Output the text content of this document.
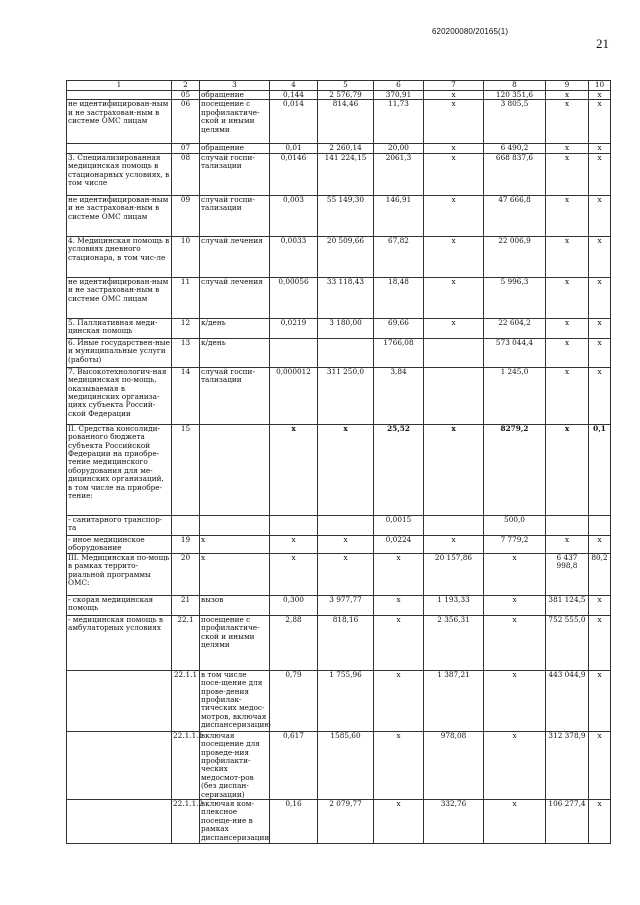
620200080/20165(1)
21
1	2	3	4	5	6	7	8	9	10
	05	обращение	0,144	2 576,79	370,91	x	120 351,6	x	x
не идентифицирован-ным и не застрахован-ным в системе ОМС лицам	06	посещение с профилактиче-ской и иными целями	0,014	814,46	11,73	x	3 805,5	x	x
	07	обращение	0,01	2 260,14	20,00	x	6 490,2	x	x
3. Специализированная медицинская помощь в стационарных условиях, в том числе	08	случай госпи-тализации	0,0146	141 224,15	2061,3	x	668 837,6	x	x
не идентифицирован-ным и не застрахован-ным в системе ОМС лицам	09	случай госпи-тализации	0,003	55 149,30	146,91	x	47 666,8	x	x
4. Медицинская помощь в условиях дневного стационара, в том чис-ле	10	случай лечения	0,0033	20 509,66	67,82	x	22 006,9	x	x
не идентифицирован-ным и не застрахован-ным в системе ОМС лицам	11	случай лечения	0,00056	33 118,43	18,48	x	5 996,3	x	x
5. Паллиативная меди-цинская помощь	12	к/день	0,0219	3 180,00	69,66	x	22 604,2	x	x
6. Иные государствен-ные и муниципальные услуги (работы)	13	к/день			1766,08		573 044,4	x	x
7. Высокотехнологич-ная медицинская по-мощь, оказываемая в медицинских организа-циях субъекта Россий-ской Федерации	14	случай госпи-тализации	0,000012	311 250,0	3,84		1 245,0	x	x
II. Средства консолиди-рованного бюджета субъекта Российской Федерации на приобре-тение медицинского оборудования для ме-дицинских организаций, в том числе на приобре-тение:	15		x	x	25,52	x	8279,2	x	0,1
- санитарного транспор-та					0,0015		500,0		
- иное медицинское оборудование	19	x	x	x	0,0224	x	7 779,2	x	x
III. Медицинская по-мощь в рамках террито-риальной программы ОМС:	20	x	x	x	x	20 157,86	x	6 437 998,8	80,2
- скорая медицинская помощь	21	вызов	0,300	3 977,77	x	1 193,33	x	381 124,5	x
- медицинская помощь в амбулаторных условиях	22.1	посещение с профилактиче-ской и иными целями	2,88	818,16	x	2 356,31	x	752 555,0	x
	22.1.1	в том числе посе-щение для прове-дения профилак-тических медос-мотров, включая диспансеризацию	0,79	1 755,96	x	1 387,21	x	443 044,9	x
	22.1.1.1	включая посещение для проведе-ния профилакти-ческих медосмот-ров (без диспан-серизации)	0,617	1585,60	x	978,08	x	312 378,9	x
	22.1.1.2	включая ком-плексное посеще-ние в рамках диспансеризации	0,16	2 079,77	x	332,76	x	106 277,4	x
